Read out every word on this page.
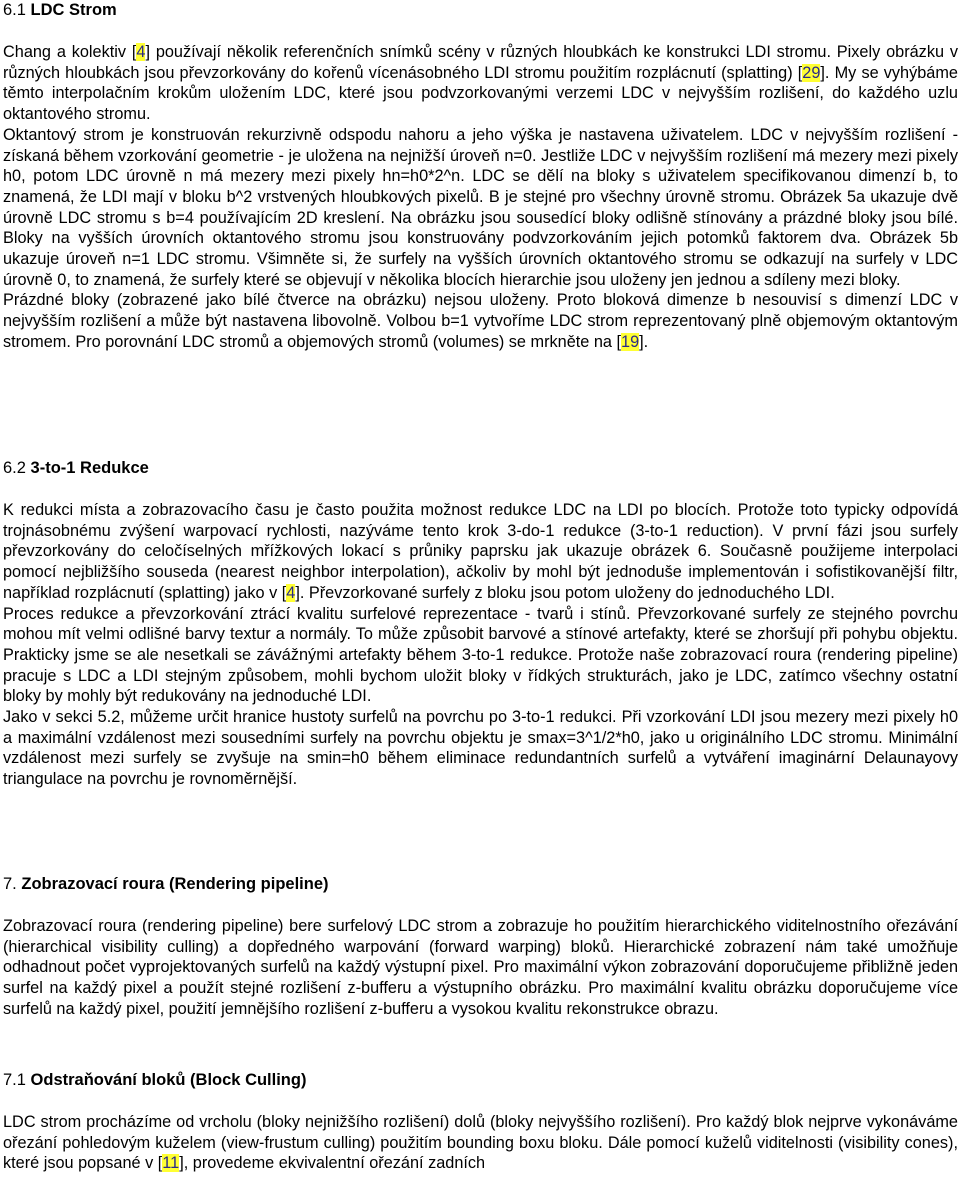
6.1 LDC Strom

Chang a kolektiv [4] používají několik referenčních snímků scény v různých hloubkách ke konstrukci LDI stromu. Pixely obrázku v různých hloubkách jsou převzorkovány do kořenů vícenásobného LDI stromu použitím rozplácnutí (splatting) [29]. My se vyhýbáme těmto interpolačním krokům uložením LDC, které jsou podvzorkovanými verzemi LDC v nejvyšším rozlišení, do každého uzlu oktantového stromu.

Oktantový strom je konstruován rekurzivně odspodu nahoru a jeho výška je nastavena uživatelem. LDC v nejvyšším rozlišení - získaná během vzorkování geometrie - je uložena na nejnižší úroveň n=0. Jestliže LDC v nejvyšším rozlišení má mezery mezi pixely h0, potom LDC úrovně n má mezery mezi pixely hn=h0*2^n. LDC se dělí na bloky s uživatelem specifikovanou dimenzí b, to znamená, že LDI mají v bloku b^2 vrstvených hloubkových pixelů. B je stejné pro všechny úrovně stromu. Obrázek 5a ukazuje dvě úrovně LDC stromu s b=4 používajícím 2D kreslení. Na obrázku jsou sousedící bloky odlišně stínovány a prázdné bloky jsou bílé. Bloky na vyšších úrovních oktantového stromu jsou konstruovány podvzorkováním jejich potomků faktorem dva. Obrázek 5b ukazuje úroveň n=1 LDC stromu. Všimněte si, že surfely na vyšších úrovních oktantového stromu se odkazují na surfely v LDC úrovně 0, to znamená, že surfely které se objevují v několika blocích hierarchie jsou uloženy jen jednou a sdíleny mezi bloky.

Prázdné bloky (zobrazené jako bílé čtverce na obrázku) nejsou uloženy. Proto bloková dimenze b nesouvisí s dimenzí LDC v nejvyšším rozlišení a může být nastavena libovolně. Volbou b=1 vytvoříme LDC strom reprezentovaný plně objemovým oktantovým stromem. Pro porovnání LDC stromů a objemových stromů (volumes) se mrkněte na [19].

6.2 3-to-1 Redukce

K redukci místa a zobrazovacího času je často použita možnost redukce LDC na LDI po blocích. Protože toto typicky odpovídá trojnásobnému zvýšení warpovací rychlosti, nazýváme tento krok 3-do-1 redukce (3-to-1 reduction). V první fázi jsou surfely převzorkovány do celočíselných mřížkových lokací s průniky paprsku jak ukazuje obrázek 6. Současně použijeme interpolaci pomocí nejbližšího souseda (nearest neighbor interpolation), ačkoliv by mohl být jednoduše implementován i sofistikovanější filtr, například rozplácnutí (splatting) jako v [4]. Převzorkované surfely z bloku jsou potom uloženy do jednoduchého LDI.

Proces redukce a převzorkování ztrácí kvalitu surfelové reprezentace - tvarů i stínů. Převzorkované surfely ze stejného povrchu mohou mít velmi odlišné barvy textur a normály. To může způsobit barvové a stínové artefakty, které se zhoršují při pohybu objektu. Prakticky jsme se ale nesetkali se závážnými artefakty během 3-to-1 redukce. Protože naše zobrazovací roura (rendering pipeline) pracuje s LDC a LDI stejným způsobem, mohli bychom uložit bloky v řídkých strukturách, jako je LDC, zatímco všechny ostatní bloky by mohly být redukovány na jednoduché LDI.

Jako v sekci 5.2, můžeme určit hranice hustoty surfelů na povrchu po 3-to-1 redukci. Při vzorkování LDI jsou mezery mezi pixely h0 a maximální vzdálenost mezi sousedními surfely na povrchu objektu je smax=3^1/2*h0, jako u originálního LDC stromu. Minimální vzdálenost mezi surfely se zvyšuje na smin=h0 během eliminace redundantních surfelů a vytváření imaginární Delaunayovy triangulace na povrchu je rovnoměrnější.

7. Zobrazovací roura (Rendering pipeline)

Zobrazovací roura (rendering pipeline) bere surfelový LDC strom a zobrazuje ho použitím hierarchického viditelnostního ořezávání (hierarchical visibility culling) a dopředného warpování (forward warping) bloků. Hierarchické zobrazení nám také umožňuje odhadnout počet vyprojektovaných surfelů na každý výstupní pixel. Pro maximální výkon zobrazování doporučujeme přibližně jeden surfel na každý pixel a použít stejné rozlišení z-bufferu a výstupního obrázku. Pro maximální kvalitu obrázku doporučujeme více surfelů na každý pixel, použití jemnějšího rozlišení z-bufferu a vysokou kvalitu rekonstrukce obrazu.

7.1 Odstraňování bloků (Block Culling)

LDC strom procházíme od vrcholu (bloky nejnižšího rozlišení) dolů (bloky nejvyššího rozlišení). Pro každý blok nejprve vykonáváme ořezání pohledovým kuželem (view-frustum culling) použitím bounding boxu bloku. Dále pomocí kuželů viditelnosti (visibility cones), které jsou popsané v [11], provedeme ekvivalentní ořezání zadních
